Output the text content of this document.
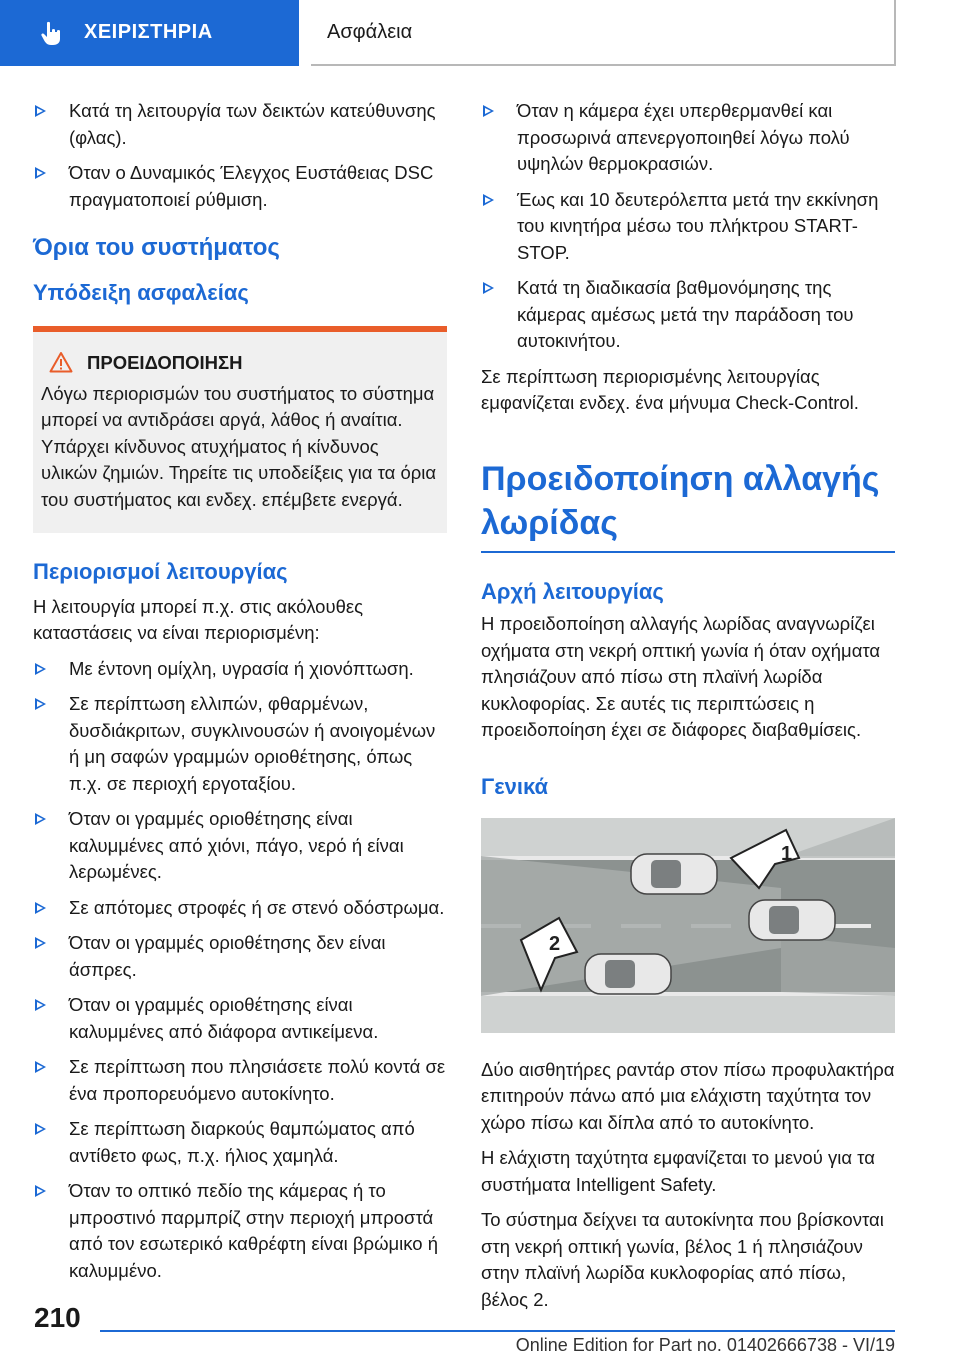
ΧΕΙΡΙΣΤΗΡΙΑ	Ασφάλεια
Κατά τη λειτουργία των δεικτών κατεύθυνσης (φλας).
Όταν ο Δυναμικός Έλεγχος Ευστάθειας DSC πραγματοποιεί ρύθμιση.
Όρια του συστήματος
Υπόδειξη ασφαλείας
ΠΡΟΕΙΔΟΠΟΙΗΣΗ

Λόγω περιορισμών του συστήματος το σύστημα μπορεί να αντιδράσει αργά, λάθος ή αναίτια. Υπάρχει κίνδυνος ατυχήματος ή κίνδυνος υλικών ζημιών. Τηρείτε τις υποδείξεις για τα όρια του συστήματος και ενδεχ. επέμβετε ενεργά.

Περιορισμοί λειτουργίας

Η λειτουργία μπορεί π.χ. στις ακόλουθες καταστάσεις να είναι περιορισμένη:

Με έντονη ομίχλη, υγρασία ή χιονόπτωση.
Σε περίπτωση ελλιπών, φθαρμένων, δυσδιάκριτων, συγκλινουσών ή ανοιγομένων ή μη σαφών γραμμών οριοθέτησης, όπως π.χ. σε περιοχή εργοταξίου.
Όταν οι γραμμές οριοθέτησης είναι καλυμμένες από χιόνι, πάγο, νερό ή είναι λερωμένες.
Σε απότομες στροφές ή σε στενό οδόστρωμα.
Όταν οι γραμμές οριοθέτησης δεν είναι άσπρες.
Όταν οι γραμμές οριοθέτησης είναι καλυμμένες από διάφορα αντικείμενα.
Σε περίπτωση που πλησιάσετε πολύ κοντά σε ένα προπορευόμενο αυτοκίνητο.
Σε περίπτωση διαρκούς θαμπώματος από αντίθετο φως, π.χ. ήλιος χαμηλά.
Όταν το οπτικό πεδίο της κάμερας ή το μπροστινό παρμπρίζ στην περιοχή μπροστά από τον εσωτερικό καθρέφτη είναι βρώμικο ή καλυμμένο.
Όταν η κάμερα έχει υπερθερμανθεί και προσωρινά απενεργοποιηθεί λόγω πολύ υψηλών θερμοκρασιών.
Έως και 10 δευτερόλεπτα μετά την εκκίνηση του κινητήρα μέσω του πλήκτρου START-STOP.
Κατά τη διαδικασία βαθμονόμησης της κάμερας αμέσως μετά την παράδοση του αυτοκινήτου.

Σε περίπτωση περιορισμένης λειτουργίας εμφανίζεται ενδεχ. ένα μήνυμα Check-Control.

Προειδοποίηση αλλαγής λωρίδας
Αρχή λειτουργίας

Η προειδοποίηση αλλαγής λωρίδας αναγνωρίζει οχήματα στη νεκρή οπτική γωνία ή όταν οχήματα πλησιάζουν από πίσω στη πλαϊνή λωρίδα κυκλοφορίας. Σε αυτές τις περιπτώσεις η προειδοποίηση έχει σε διάφορες διαβαθμίσεις.

Γενικά
1
2

Δύο αισθητήρες ραντάρ στον πίσω προφυλακτήρα επιτηρούν πάνω από μια ελάχιστη ταχύτητα τον χώρο πίσω και δίπλα από το αυτοκίνητο.

Η ελάχιστη ταχύτητα εμφανίζεται το μενού για τα συστήματα Intelligent Safety.

Το σύστημα δείχνει τα αυτοκίνητα που βρίσκονται στη νεκρή οπτική γωνία, βέλος 1 ή πλησιάζουν στην πλαϊνή λωρίδα κυκλοφορίας από πίσω, βέλος 2.

210
Online Edition for Part no. 01402666738 - VI/19
